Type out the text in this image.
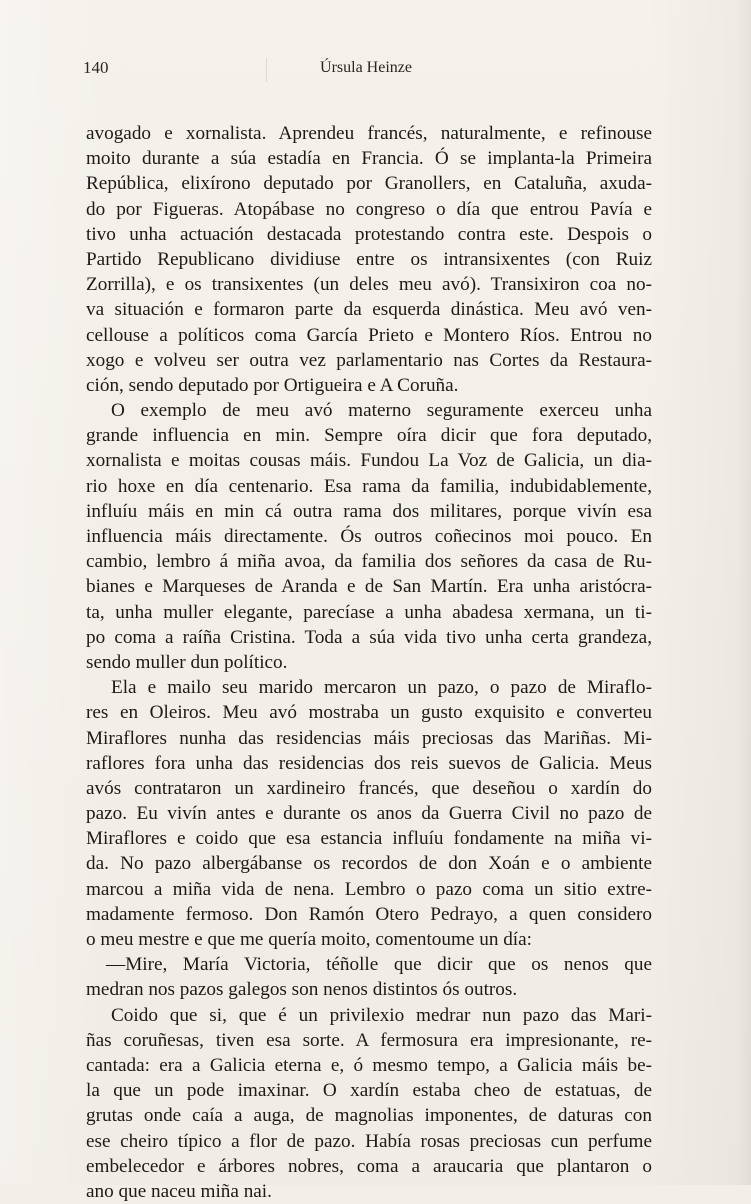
140	Úrsula Heinze
avogado e xornalista. Aprendeu francés, naturalmente, e refinouse
moito durante a súa estadía en Francia. Ó se implanta-la Primeira
República, elixírono deputado por Granollers, en Cataluña, axuda-
do por Figueras. Atopábase no congreso o día que entrou Pavía e
tivo unha actuación destacada protestando contra este. Despois o
Partido Republicano dividiuse entre os intransixentes (con Ruiz
Zorrilla), e os transixentes (un deles meu avó). Transixiron coa no-
va situación e formaron parte da esquerda dinástica. Meu avó ven-
cellouse a políticos coma García Prieto e Montero Ríos. Entrou no
xogo e volveu ser outra vez parlamentario nas Cortes da Restaura-
ción, sendo deputado por Ortigueira e A Coruña.
O exemplo de meu avó materno seguramente exerceu unha
grande influencia en min. Sempre oíra dicir que fora deputado,
xornalista e moitas cousas máis. Fundou La Voz de Galicia, un dia-
rio hoxe en día centenario. Esa rama da familia, indubidablemente,
influíu máis en min cá outra rama dos militares, porque vivín esa
influencia máis directamente. Ós outros coñecinos moi pouco. En
cambio, lembro á miña avoa, da familia dos señores da casa de Ru-
bianes e Marqueses de Aranda e de San Martín. Era unha aristócra-
ta, unha muller elegante, parecíase a unha abadesa xermana, un ti-
po coma a raíña Cristina. Toda a súa vida tivo unha certa grandeza,
sendo muller dun político.
Ela e mailo seu marido mercaron un pazo, o pazo de Miraflo-
res en Oleiros. Meu avó mostraba un gusto exquisito e converteu
Miraflores nunha das residencias máis preciosas das Mariñas. Mi-
raflores fora unha das residencias dos reis suevos de Galicia. Meus
avós contrataron un xardineiro francés, que deseñou o xardín do
pazo. Eu vivín antes e durante os anos da Guerra Civil no pazo de
Miraflores e coido que esa estancia influíu fondamente na miña vi-
da. No pazo albergábanse os recordos de don Xoán e o ambiente
marcou a miña vida de nena. Lembro o pazo coma un sitio extre-
madamente fermoso. Don Ramón Otero Pedrayo, a quen considero
o meu mestre e que me quería moito, comentoume un día:
—Mire, María Victoria, téñolle que dicir que os nenos que
medran nos pazos galegos son nenos distintos ós outros.
Coido que si, que é un privilexio medrar nun pazo das Mari-
ñas coruñesas, tiven esa sorte. A fermosura era impresionante, re-
cantada: era a Galicia eterna e, ó mesmo tempo, a Galicia máis be-
la que un pode imaxinar. O xardín estaba cheo de estatuas, de
grutas onde caía a auga, de magnolias imponentes, de daturas con
ese cheiro típico a flor de pazo. Había rosas preciosas cun perfume
embelecedor e árbores nobres, coma a araucaria que plantaron o
ano que naceu miña nai.
